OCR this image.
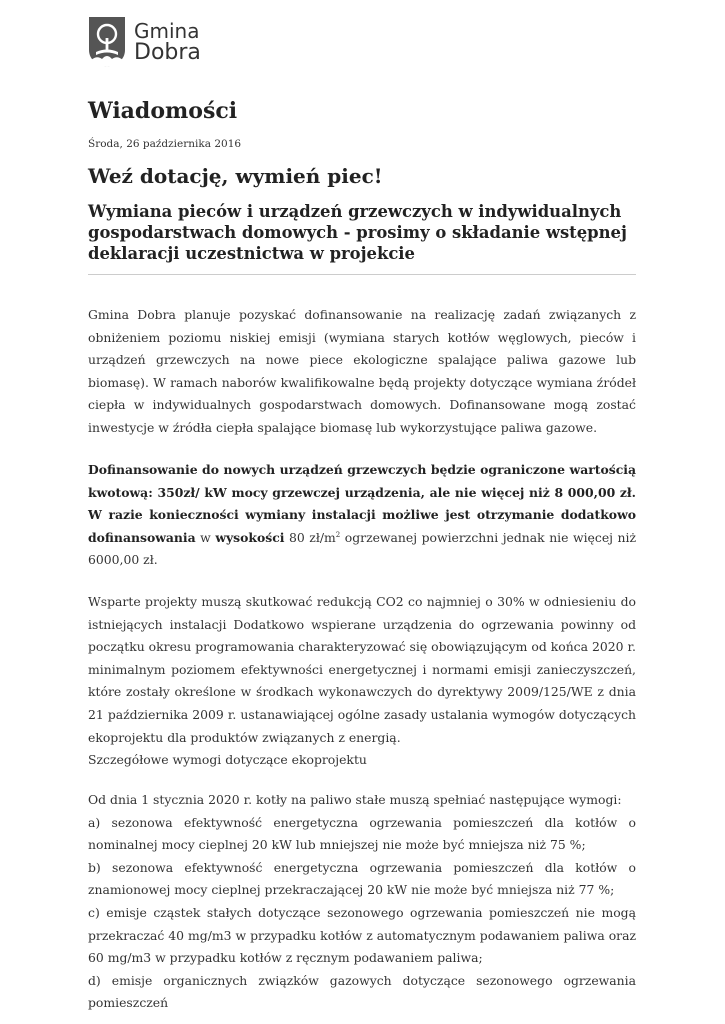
Gmina
Dobra
Wiadomości
Środa, 26 października 2016
Weź dotację, wymień piec!
Wymiana pieców i urządzeń grzewczych w indywidualnych gospodarstwach domowych - prosimy o składanie wstępnej deklaracji uczestnictwa w projekcie

Gmina Dobra planuje pozyskać dofinansowanie na realizację zadań związanych z obniżeniem poziomu niskiej emisji (wymiana starych kotłów węglowych, pieców i urządzeń grzewczych na nowe piece ekologiczne spalające paliwa gazowe lub biomasę). W ramach naborów kwalifikowalne będą projekty dotyczące wymiana źródeł ciepła w indywidualnych gospodarstwach domowych. Dofinansowane mogą zostać inwestycje w źródła ciepła spalające biomasę lub wykorzystujące paliwa gazowe.

Dofinansowanie do nowych urządzeń grzewczych będzie ograniczone wartością kwotową: 350zł/ kW mocy grzewczej urządzenia, ale nie więcej niż 8 000,00 zł. W razie konieczności wymiany instalacji możliwe jest otrzymanie dodatkowo dofinansowania w wysokości 80 $zł/m^2$ ogrzewanej powierzchni jednak nie więcej niż 6000,00 zł.

Wsparte projekty muszą skutkować redukcją CO2 co najmniej o 30% w odniesieniu do istniejących instalacji Dodatkowo wspierane urządzenia do ogrzewania powinny od początku okresu programowania charakteryzować się obowiązującym od końca 2020 r. minimalnym poziomem efektywności energetycznej i normami emisji zanieczyszczeń, które zostały określone w środkach wykonawczych do dyrektywy 2009/125/WE z dnia 21 października 2009 r. ustanawiającej ogólne zasady ustalania wymogów dotyczących ekoprojektu dla produktów związanych z energią.
Szczegółowe wymogi dotyczące ekoprojektu

Od dnia 1 stycznia 2020 r. kotły na paliwo stałe muszą spełniać następujące wymogi:
a) sezonowa efektywność energetyczna ogrzewania pomieszczeń dla kotłów o nominalnej mocy cieplnej 20 kW lub mniejszej nie może być mniejsza niż 75 %;
b) sezonowa efektywność energetyczna ogrzewania pomieszczeń dla kotłów o znamionowej mocy cieplnej przekraczającej 20 kW nie może być mniejsza niż 77 %;
c) emisje cząstek stałych dotyczące sezonowego ogrzewania pomieszczeń nie mogą przekraczać 40 mg/m3 w przypadku kotłów z automatycznym podawaniem paliwa oraz 60 mg/m3 w przypadku kotłów z ręcznym podawaniem paliwa;
d) emisje organicznych związków gazowych dotyczące sezonowego ogrzewania pomieszczeń
